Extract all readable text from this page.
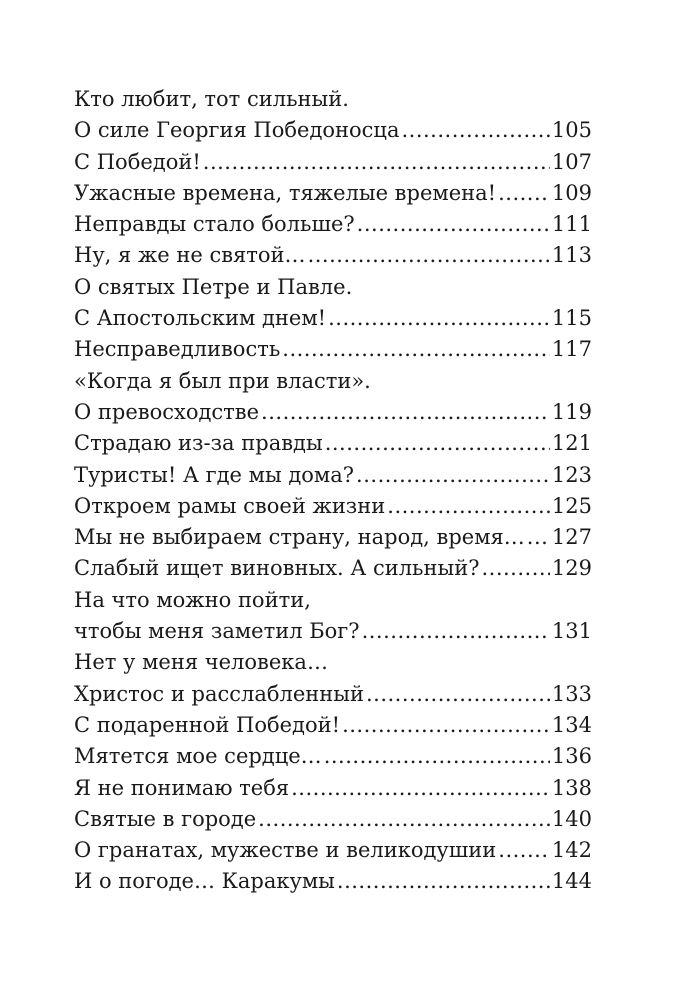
Кто любит, тот сильный.
О силе Георгия Победоносца .....	105
С Победой! .....	107
Ужасные времена, тяжелые времена! .....	109
Неправды стало больше? .....	111
Ну, я же не святой… .....	113
О святых Петре и Павле.
С Апостольским днем! .....	115
Несправедливость .....	117
«Когда я был при власти».
О превосходстве .....	119
Страдаю из-за правды .....	121
Туристы! А где мы дома? .....	123
Откроем рамы своей жизни .....	125
Мы не выбираем страну, народ, время… ..... 127
Слабый ищет виновных. А сильный? .....	129
На что можно пойти,
чтобы меня заметил Бог? .....	131
Нет у меня человека…
Христос и расслабленный .....	133
С подаренной Победой! .....	134
Мятется мое сердце… .....	136
Я не понимаю тебя .....	138
Святые в городе .....	140
О гранатах, мужестве и великодушии .....	142
И о погоде… Каракумы .....	144
